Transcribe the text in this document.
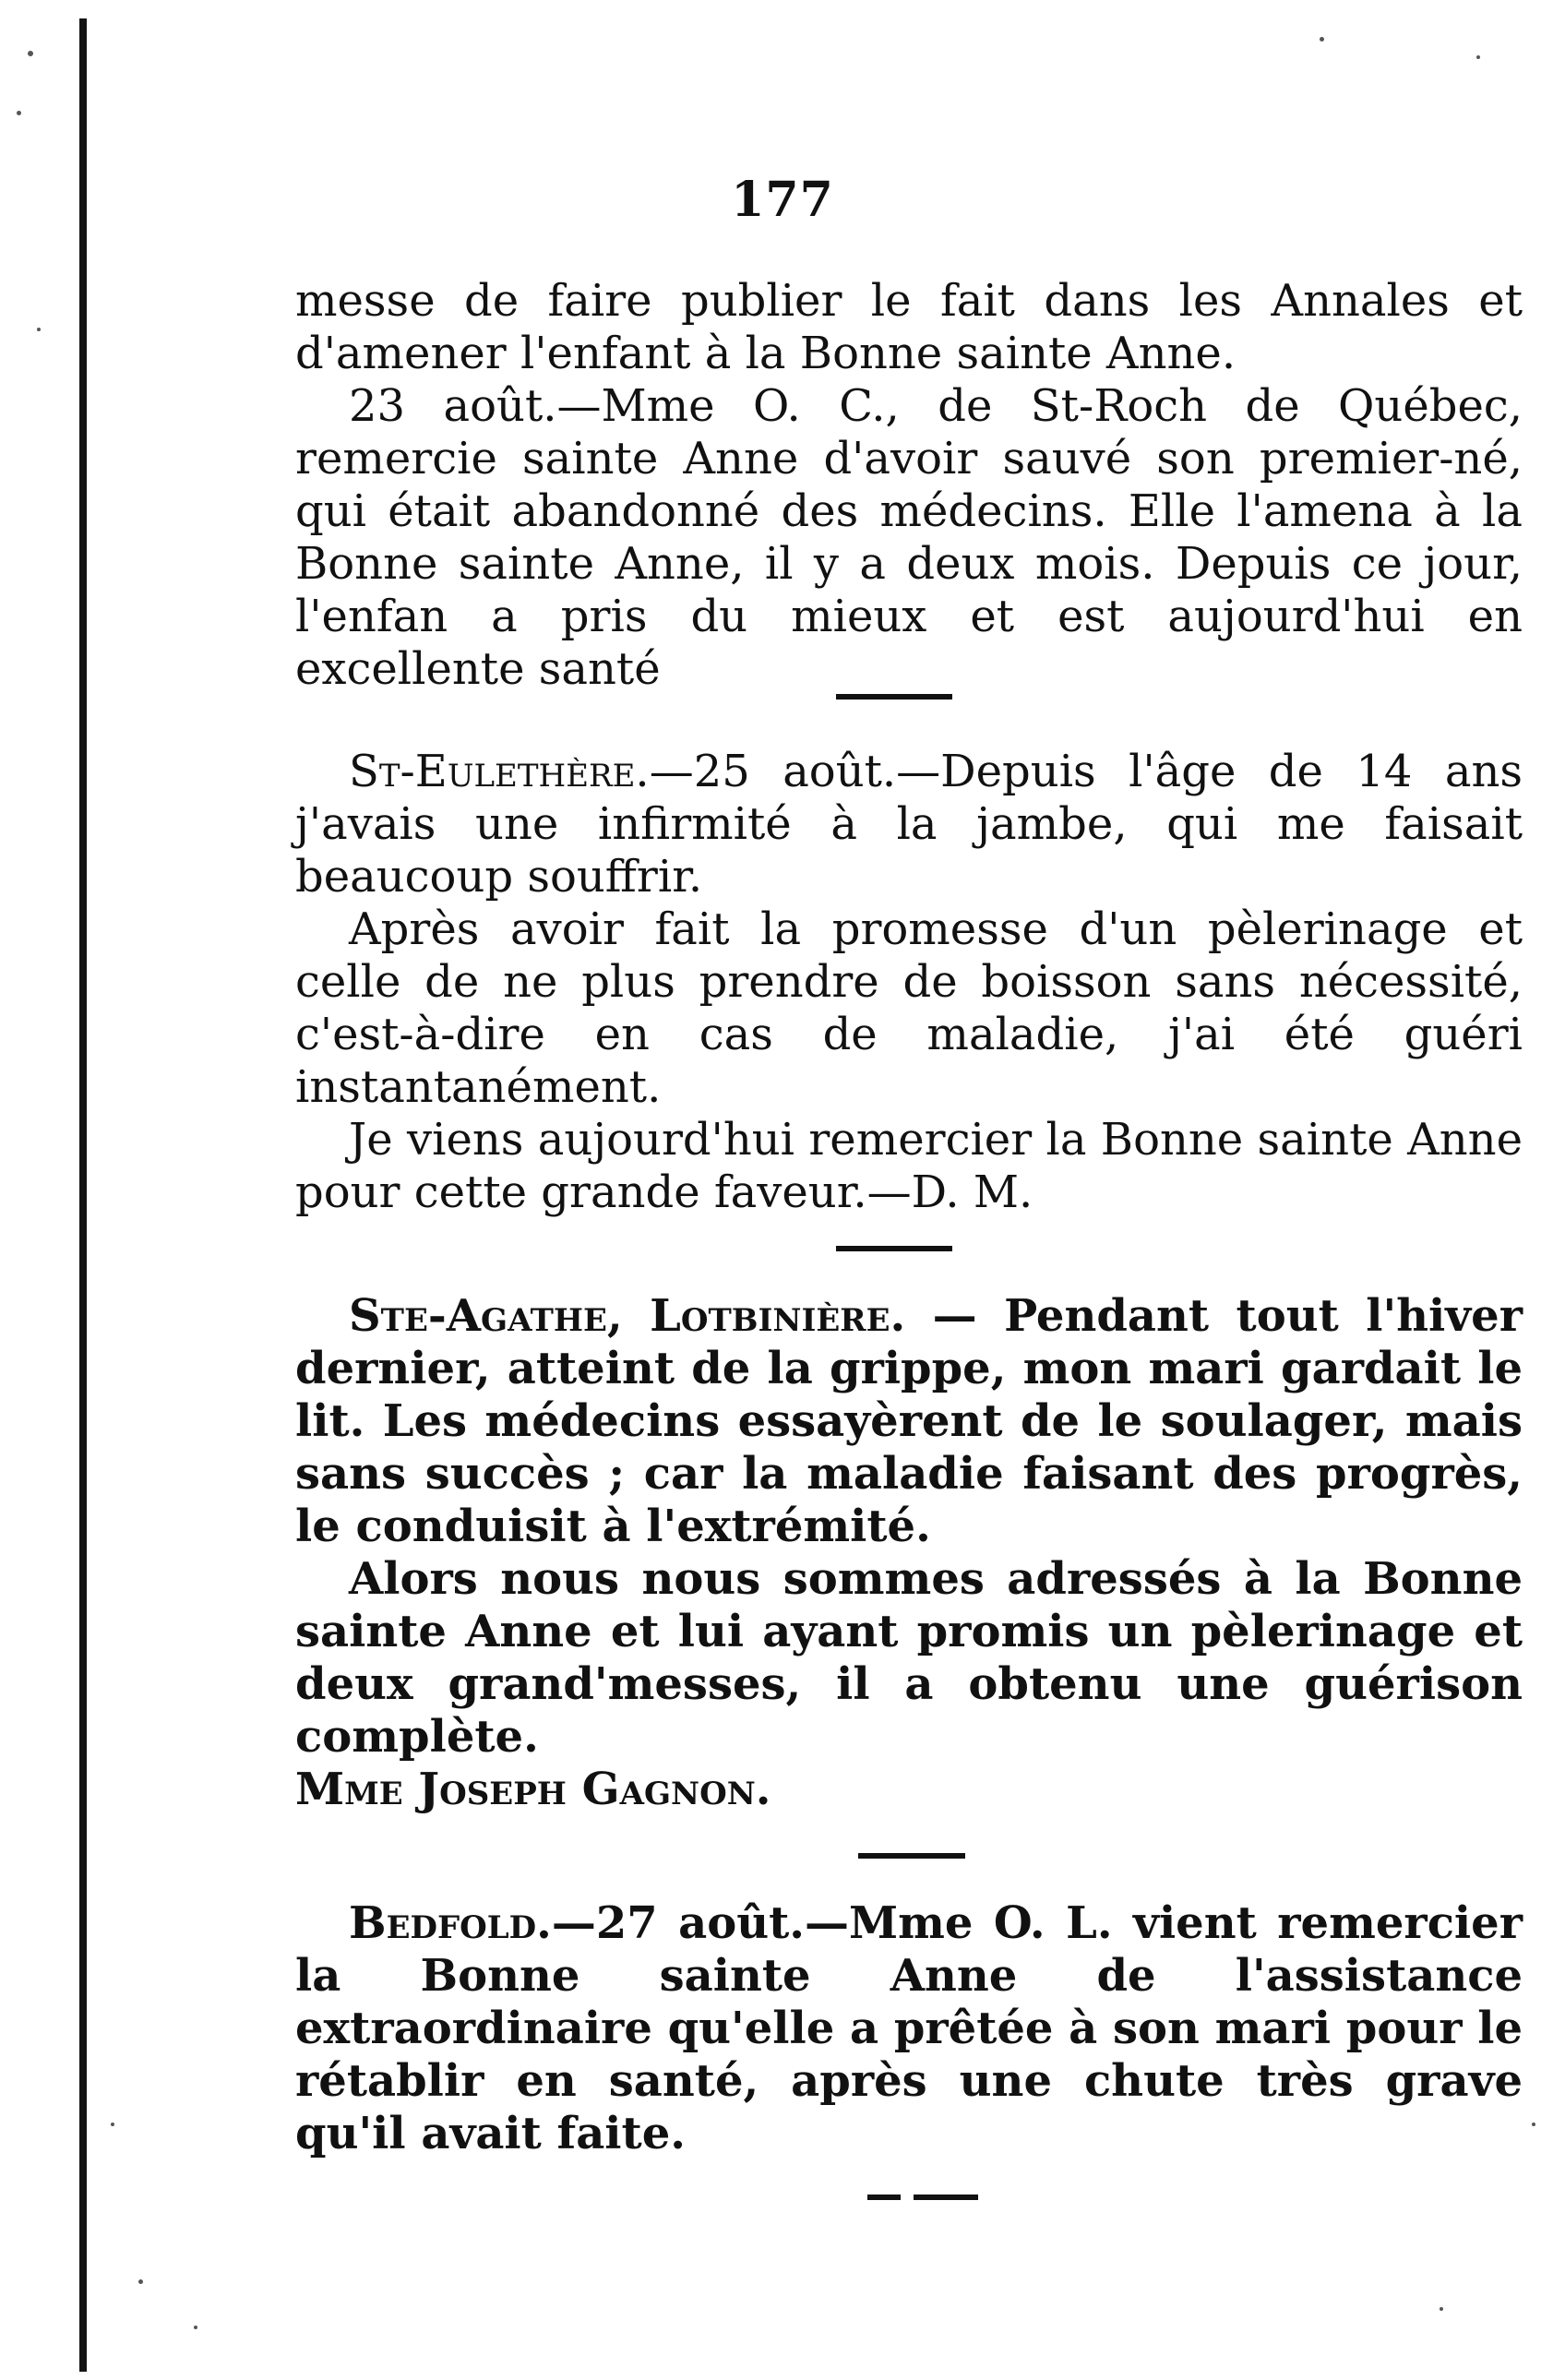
177

messe de faire publier le fait dans les Annales et d'amener l'enfant à la Bonne sainte Anne.

23 août.—Mme O. C., de St-Roch de Québec, remercie sainte Anne d'avoir sauvé son premier-né, qui était abandonné des médecins. Elle l'amena à la Bonne sainte Anne, il y a deux mois. Depuis ce jour, l'enfan a pris du mieux et est aujourd'hui en excellente santé

St-Eulethère.—25 août.—Depuis l'âge de 14 ans j'avais une infirmité à la jambe, qui me faisait beaucoup souffrir.

Après avoir fait la promesse d'un pèlerinage et celle de ne plus prendre de boisson sans nécessité, c'est-à-dire en cas de maladie, j'ai été guéri instantanément.

Je viens aujourd'hui remercier la Bonne sainte Anne pour cette grande faveur.—D. M.

Ste-Agathe, Lotbinière. — Pendant tout l'hiver dernier, atteint de la grippe, mon mari gardait le lit. Les médecins essayèrent de le soulager, mais sans succès ; car la maladie faisant des progrès, le conduisit à l'extrémité.

Alors nous nous sommes adressés à la Bonne sainte Anne et lui ayant promis un pèlerinage et deux grand'messes, il a obtenu une guérison complète.

Mme Joseph Gagnon.

Bedfold.—27 août.—Mme O. L. vient remercier la Bonne sainte Anne de l'assistance extraordinaire qu'elle a prêtée à son mari pour le rétablir en santé, après une chute très grave qu'il avait faite.
